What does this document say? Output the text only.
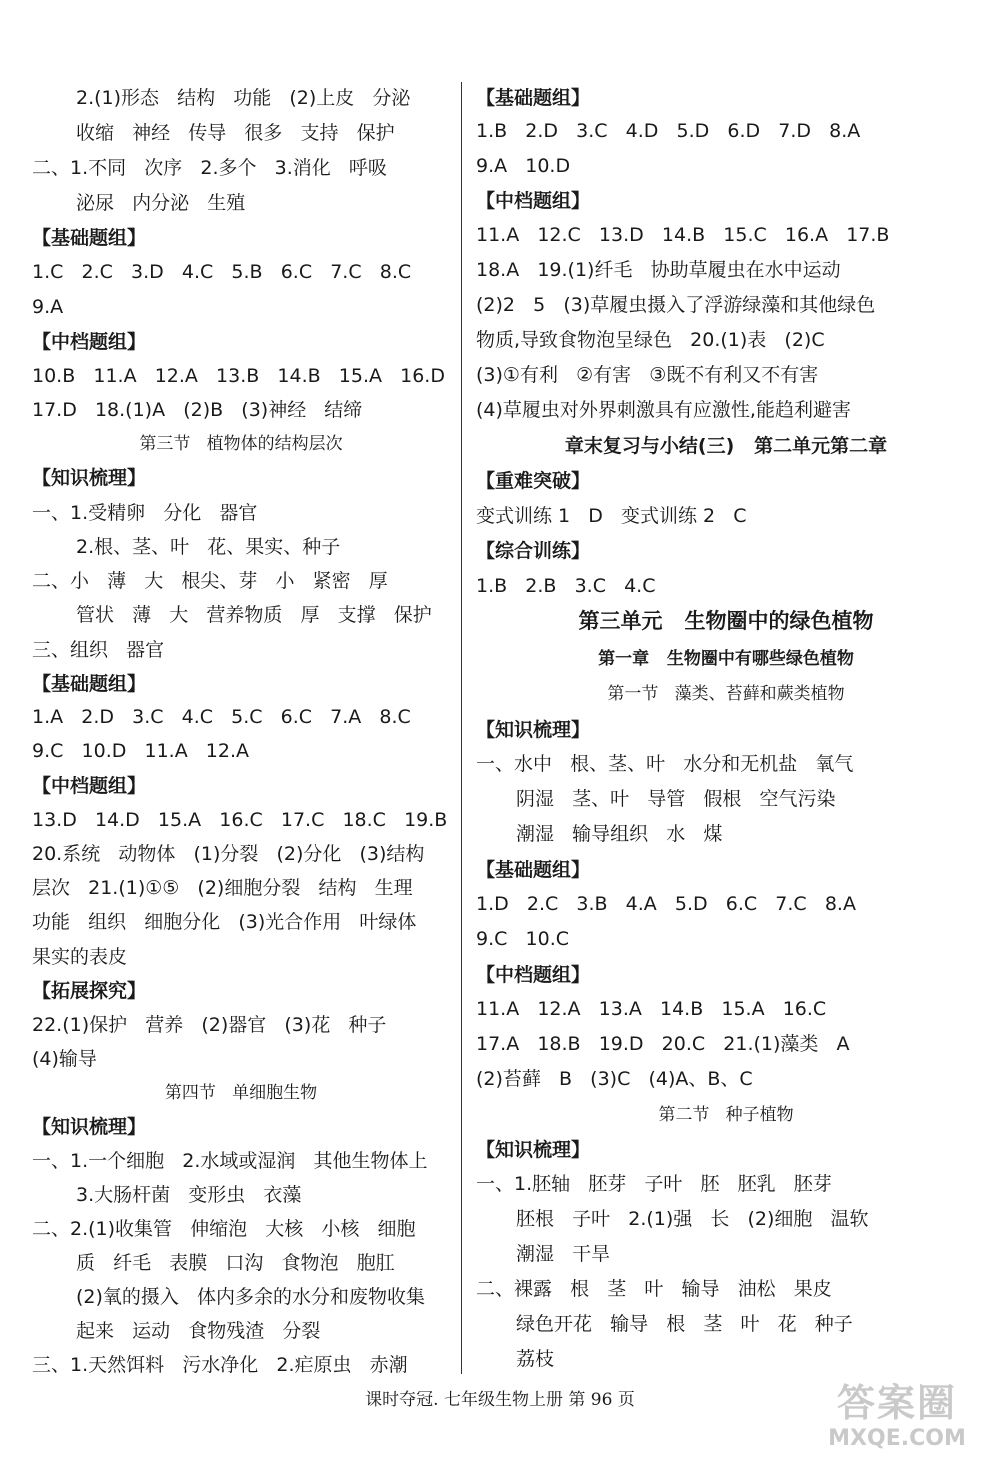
2.(1)形态   结构   功能   (2)上皮   分泌
收缩   神经   传导   很多   支持   保护
二、1.不同   次序   2.多个   3.消化   呼吸
泌尿   内分泌   生殖
【基础题组】
1.C   2.C   3.D   4.C   5.B   6.C   7.C   8.C
9.A
【中档题组】
10.B   11.A   12.A   13.B   14.B   15.A   16.D
17.D   18.(1)A   (2)B   (3)神经   结缔
第三节   植物体的结构层次
【知识梳理】
一、1.受精卵   分化   器官
2.根、茎、叶   花、果实、种子
二、小   薄   大   根尖、芽   小   紧密   厚
管状   薄   大   营养物质   厚   支撑   保护
三、组织   器官
【基础题组】
1.A   2.D   3.C   4.C   5.C   6.C   7.A   8.C
9.C   10.D   11.A   12.A
【中档题组】
13.D   14.D   15.A   16.C   17.C   18.C   19.B
20.系统   动物体   (1)分裂   (2)分化   (3)结构
层次   21.(1)①⑤   (2)细胞分裂   结构   生理
功能   组织   细胞分化   (3)光合作用   叶绿体
果实的表皮
【拓展探究】
22.(1)保护   营养   (2)器官   (3)花   种子
(4)输导
第四节   单细胞生物
【知识梳理】
一、1.一个细胞   2.水域或湿润   其他生物体上
3.大肠杆菌   变形虫   衣藻
二、2.(1)收集管   伸缩泡   大核   小核   细胞
质   纤毛   表膜   口沟   食物泡   胞肛
(2)氧的摄入   体内多余的水分和废物收集
起来   运动   食物残渣   分裂
三、1.天然饵料   污水净化   2.疟原虫   赤潮
【基础题组】
1.B   2.D   3.C   4.D   5.D   6.D   7.D   8.A
9.A   10.D
【中档题组】
11.A   12.C   13.D   14.B   15.C   16.A   17.B
18.A   19.(1)纤毛   协助草履虫在水中运动
(2)2   5   (3)草履虫摄入了浮游绿藻和其他绿色
物质,导致食物泡呈绿色   20.(1)表   (2)C
(3)①有利   ②有害   ③既不有利又不有害
(4)草履虫对外界刺激具有应激性,能趋利避害
章末复习与小结(三)   第二单元第二章
【重难突破】
变式训练 1   D   变式训练 2   C
【综合训练】
1.B   2.B   3.C   4.C
第三单元   生物圈中的绿色植物
第一章   生物圈中有哪些绿色植物
第一节   藻类、苔藓和蕨类植物
【知识梳理】
一、水中   根、茎、叶   水分和无机盐   氧气
阴湿   茎、叶   导管   假根   空气污染
潮湿   输导组织   水   煤
【基础题组】
1.D   2.C   3.B   4.A   5.D   6.C   7.C   8.A
9.C   10.C
【中档题组】
11.A   12.A   13.A   14.B   15.A   16.C
17.A   18.B   19.D   20.C   21.(1)藻类   A
(2)苔藓   B   (3)C   (4)A、B、C
第二节   种子植物
【知识梳理】
一、1.胚轴   胚芽   子叶   胚   胚乳   胚芽
胚根   子叶   2.(1)强   长   (2)细胞   温软
潮湿   干旱
二、裸露   根   茎   叶   输导   油松   果皮
绿色开花   输导   根   茎   叶   花   种子
荔枝
课时夺冠. 七年级生物上册 第 96 页	答案圈
MXQE.COM
